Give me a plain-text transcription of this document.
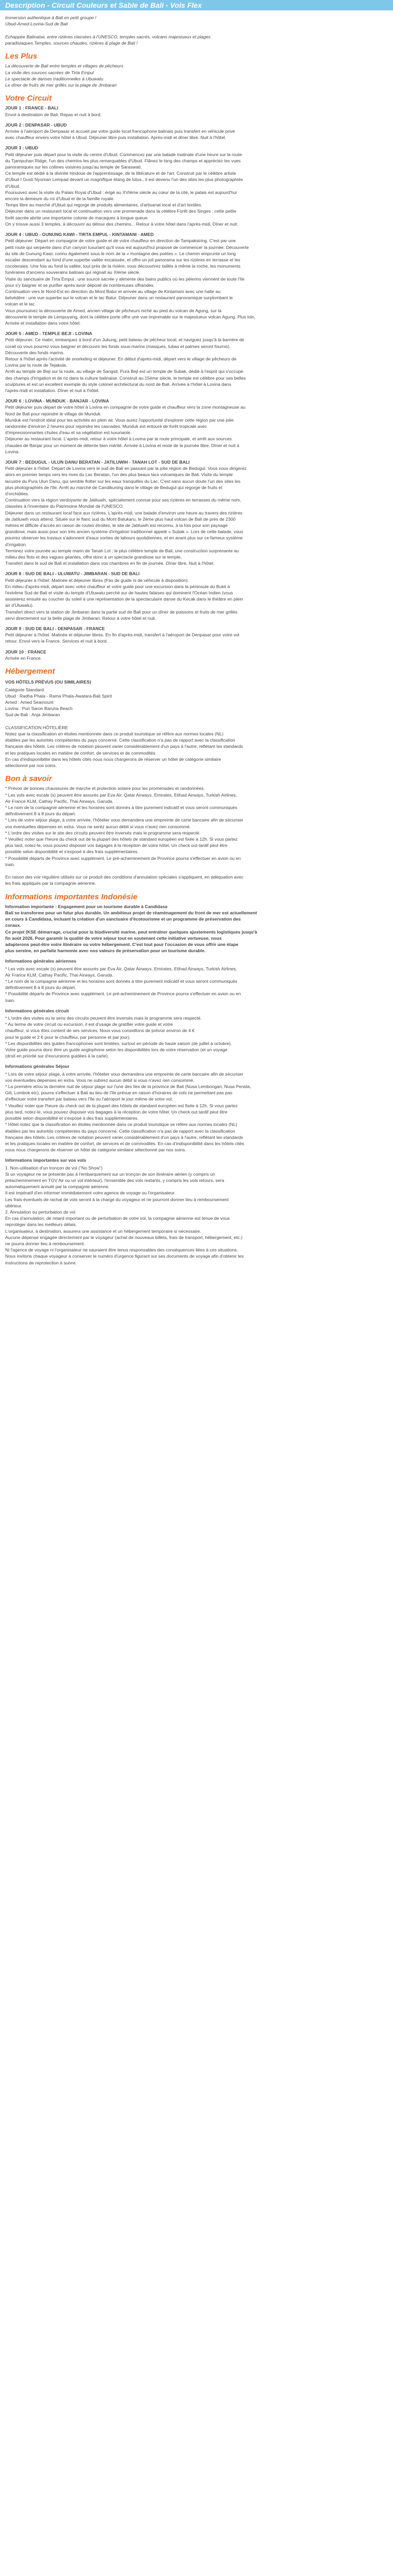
Description - Circuit Couleurs et Sable de Bali - Vols Flex
Immersion authentique à Bali en petit groupe !
Ubud-Amed-Lovina-Sud de Bali

Echappée Balinaise, entre rizières classées à l'UNESCO, temples sacrés, volcans majestueux et plages
paradisiaques.Temples, sources chaudes, rizières & plage de Bali !
Les Plus
La découverte de Bali entre temples et villages de pêcheurs
La visite des sources sacrées de Tirta Empul
Le spectacle de danses traditionnelles à Ubuwatu
Le dîner de fruits de mer grillés sur la plage de Jimbaran
Votre Circuit
JOUR 1 : FRANCE - BALI
Envol à destination de Bali. Repas et nuit à bord.
JOUR 2 : DENPASAR - UBUD
Arrivée à l'aéroport de Denpasar et accueil par votre guide local francophone balinais puis transfert en véhicule privé
avec chauffeur envers votre hôtel à Ubud. Déjeuner libre puis installation. Après-midi et dîner libre. Nuit à l'hôtel.
JOUR 3 : UBUD
Petit déjeuner puis départ pour la visite du centre d'Ubud. Commencez par une balade matinale d'une heure sur la route
du Tjampuhan Ridge, l'un des chemins les plus remarquables d'Ubud. Flânez le long des champs et appréciez les vues
panoramiques sur les collines voisines jusqu'au temple de Saraswati.
Ce temple est dédié à la divinité hindoue de l'apprentissage, de la littérature et de l'art. Construit par le célèbre artiste
d'Ubud I Gusti Nyoman Lempad devant un magnifique étang de lotus., il est devenu l'un des sites les plus photographiés
d'Ubud.
Poursuivez avec la visite du Palais Royal d'Ubud : érigé au XVIème siècle au cœur de la cité, le palais est aujourd'hui
encore la demeure du roi d'Ubud et de la famille royale.
Temps libre au marché d'Ubud qui regorge de produits alimentaires, d'artisanat local et d'art textiles.
Déjeuner dans un restaurant local et continuation vers une promenade dans la célèbre Forêt des Singes : cette petite
forêt sacrée abrite une importante colonie de macaques à longue queue.
On y trouve aussi 3 temples, à découvrir au détour des chemins... Retour à votre hôtel dans l'après-midi. Dîner et nuit.
JOUR 4 : UBUD - GUNUNG KAWI - TIRTA EMPUL - KINTAMANI - AMED
Petit déjeuner. Départ en compagnie de votre guide et de votre chauffeur en direction de Tampaksiring. C'est par une
petit route qui serpente dans d'un canyon luxuriant qu'il vous est aujourd'hui proposé de commencer la journée. Découverte
du site de Gunung Kawi, connu également sous le nom de la « montagne des poètes ». Le chemin emprunte un long
escalier descendant au fond d'une superbe vallée encaissée, et offre un joli panorama sur les rizières en terrasse et les
cocoteraies. Une fois au fond la vallée, tout près de la rivière, vous découvrirez taillés à même la roche, les monuments
funéraires d'anciens souverains balinais qui règnait au XIème siècle.
Visite du sanctuaire de Tirta Empul : une source sacrée y alimente des bains publics où les pèlerins viennent de toute l'île
pour s'y baigner et se purifier après avoir déposé de nombreuses offrandes.
Continuation vers le Nord-Est en direction du Mont Batur et arrivée au village de Kintamani avec une halte au
belvédère : une vue superbe sur le volcan et le lac Batur. Déjeuner dans un restaurant panoramique surplombant le
volcan et le lac.
Vous poursuivez la découverte de Amed, ancien village de pêcheurs niché au pied du volcan de Agung, sur la
découverte le temple de Lempuyang, dont la célèbre porte offre une vue imprenable sur le majestueux volcan Agung. Plus loin,
Arrivée et installation dans votre hôtel.
JOUR 5 : AMED - TEMPLE BEJI - LOVINA
Petit déjeuner. Ce matin, embarquez à bord d'un Jukung, petit bateau de pêcheur local, et naviguez jusqu'à la barrière de
corail où vous pourrez vous baigner et découvrir les fonds sous-marins (masques, tubas et palmes seront fournis).
Découverte des fonds marins.
Retour à l'hôtel après l'activité de snorkeling et déjeuner. En début d'après-midi, départ vers le village de pêcheurs de
Lovina par la route de Tejakula.
Arrêt au temple de Beji sur la route, au village de Sangsit. Pura Beji est un temple de Subak, dédié à l'esprit qui s'occupe
des champs d'irrigation et de riz dans la culture balinaise. Construit au 15ème siècle, le temple est célèbre pour ses belles
sculptures et est un excellent exemple du style colonel architectural du nord de Bali. Arrivée à l'hôtel à Lovina dans
l'après-midi et installation. Dîner et nuit à l'hôtel.
JOUR 6 : LOVINA - MUNDUK - BANJAR - LOVINA
Petit déjeuner puis départ de votre hôtel à Lovina en compagnie de votre guide et chauffeur vers la zone montagneuse au
Nord de Bali pour rejoindre le village de Munduk.
Munduk est l'endroit idéal pour les activités en plein air. Vous aurez l'opportunité d'explorer cette région par une jolie
randonnée d'environ 2 heures pour rejoindre les cascades. Munduk est entouré de forêt tropicale avec
d'impressionnantes chutes d'eau et sa végétation est luxuriante.
Déjeuner au restaurant local. L'après-midi, retour à votre hôtel à Lovina par la route principale, et arrêt aux sources
chaudes de Banjar pour un moment de détente bien mérité. Arrivée à Lovina et reste de la journée libre. Dîner et nuit à
Lovina.
JOUR 7 : BEDUGUL - ULUN DANU BERATAN - JATILUWIH - TANAH LOT - SUD DE BALI
Petit déjeuner à l'hôtel. Départ de Lovina vers le sud de Bali en passant par la jolie région de Bedugul. Vous vous dirigerez
alors en premier temps vers les rives du Lac Beratan, l'un des plus beaux lacs volcaniques de Bali. Visite du temple
lacustre du Pura Ulun Danu, qui semble flotter sur les eaux tranquilles du Lac. C'est sans aucun doute l'un des sites les
plus photographiés de l'île. Arrêt au marché de Candikuning dans le village de Bedugul qui regorge de fruits et
d'orchidées.
Continuation vers la région verdoyante de Jatiluwih, spécialement connue pour ses rizières en terrasses du même nom,
classées à l'inventaire du Patrimoine Mondial de l'UNESCO.
Déjeuner dans un restaurant local face aux rizières. L'après-midi, une balade d'environ une heure au travers des rizières
de Jatiluwih vous attend. Située sur le flanc sud du Mont Batukaru, le 2ème plus haut volcan de Bali de près de 2300
mètres et difficile d'accès en raison de routes étroites, le site de Jatiluwih est reconnu, à la fois pour son paysage
grandiose, mais aussi pour son très ancien système d'irrigation traditionnel appelé « Subak ». Lors de cette balade, vous
pourrez observer les travaux s'adonnent d'eaux sorties de labours quotidiennes, et en avant plus sur ce fameux système
d'irrigation.
Terminez votre journée au temple marin de Tanah Lot : le plus célèbre temple de Bali, une construction surprenante au
milieu des flots et des vagues géantes, offre donc à un spectacle grandiose sur le temple.
Transfert dans le sud de Bali et installation dans vos chambres en fin de journée. Dîner libre. Nuit à l'hôtel.
JOUR 8 : SUD DE BALI - ULUWATU - JIMBARAN - SUD DE BALI
Petit déjeuner à l'hôtel. Matinée et déjeuner libres (Pas de guide ni de véhicule à disposition).
En milieu d'après-midi, départ avec votre chauffeur et votre guide pour une excursion dans la péninsule du Bukit à
l'extrême Sud de Bali et visite du temple d'Uluwatu perché sur de hautes falaises qui dominent l'Océan Indien (vous
assisterez ensuite au coucher du soleil à une représentation de la spectaculaire danse du Kecak dans le théâtre en plein
air d'Uluwatu).
Transfert direct vers la station de Jimbaran dans la partie sud de Bali pour un dîner de poissons et fruits de mer grillés
servi directement sur la belle plage de Jimbaran. Retour à votre hôtel et nuit.
JOUR 9 : SUD DE BALI - DENPASAR - FRANCE
Petit déjeuner à l'hôtel. Matinée et déjeuner libres. En fin d'après-midi, transfert à l'aéroport de Denpasar pour votre vol
retour. Envol vers la France. Services et nuit à bord.
JOUR 10 : FRANCE
Arrivée en France.
Hébergement
VOS HÔTELS PRÉVUS (OU SIMILAIRES)
Catégorie Standard
Ubud : Radha Phala - Rama Phala-Awatara-Bali Spirit
Amed : Amed Seamount
Lovina : Puri Saron Baruna Beach
Sud de Bali : Anja Jimbaran

CLASSIFICATION HÔTELIÈRE
Notez que la classification en étoiles mentionnée dans ce produit touristique se réfère aux normes locales (NL)
établies par les autorités compétentes du pays concerné. Cette classification n'a pas de rapport avec la classification
française des hôtels. Les critères de notation peuvent varier considérablement d'un pays à l'autre, reflétant les standards
et les pratiques locales en matière de confort, de services et de commodités.
En cas d'indisponibilité dans les hôtels cités nous nous chargerons de réserver un hôtel de catégorie similaire
sélectionné par nos soins.
Bon à savoir
* Prévoir de bonnes chaussures de marche et protection solaire pour les promenades et randonnées.
* Les vols avec escale (s) peuvent être assurés par Eva Air, Qatar Airways, Emirates, Etihad Airways, Turkish Airlines,
Air France KLM, Cathay Pacific, Thai Airways, Garuda.
* Le nom de la compagnie aérienne et les horaires sont donnés à titre purement indicatif et vous seront communiqués
définitivement 8 à 8 jours du départ.
* Lors de votre séjour plage, à votre arrivée, l'hôtelier vous demandera une empreinte de carte bancaire afin de sécuriser
vos éventuelles dépenses en extra. Vous ne seréz aucun débit si vous n'avez rien consommé.
* L'ordre des visites sur le site des circuits peuvent être inversés mais le programme sera respecté.
* Veuillez noter que l'heure du check out de la plupart des hôtels de standard européen est fixée à 12h. Si vous partez
plus tard, notez-le, vous pouvez disposer vos bagages à la réception de votre hôtel. Un check out tardif peut être
possible selon disponibilité et s'exposé à des frais supplémentaires.
* Possibilité départs de Province avec supplément. Le pré-acheminement de Province pourra s'effectuer en avion ou en
train.

En raison des voir régulière utilisés sur ce produit des conditions d'annulation spéciales s'appliquent, en adéquation avec
les frais appliqués par la compagnie aérienne.
Informations importantes Indonésie
Information importante : Engagement pour un tourisme durable à Candidasa
Bali se transforme pour un futur plus durable. Un ambitieux projet de réaménagement du front de mer est actuellement
en cours à Candidasa, incluant la création d'un sanctuaire d'écotourisme et un programme de préservation des
coraux.
Ce projet (KSE démarrage, crucial pour la biodiversité marine, peut entraîner quelques ajustements logistiques jusqu'à
fin août 2026. Pour garantir la qualité de votre séjour tout en soutenant cette initiative vertueuse, nous
adapterons peut-être votre itinéraire ou votre hébergement. C'est tout pour l'occasion de vous offrir une étape
plus sereine, en parfaite harmonie avec nos valeurs de préservation pour un tourisme durable.
Informations générales aériennes
* Les vols avec escale (s) peuvent être assurés par Eva Air, Qatar Airways, Emirates, Etihad Airways, Turkish Airlines,
Air France KLM, Cathay Pacific, Thai Airways, Garuda.
* Le nom de la compagnie aérienne et les horaires sont donnés à titre purement indicatif et vous seront communiqués
définitivement 8 à 8 jours du départ.
* Possibilité départs de Province avec supplément. Le pré-acheminement de Province pourra s'effectuer en avion ou en
train.
Informations générales circuit
* L'ordre des visites ou le sens des circuits peuvent être inversés mais le programme sera respecté.
* Au terme de votre circuit ou excursion, il est d'usage de gratifier votre guide et votre
chauffeur, si vous êtes content de ses services. Nous vous conseillons de prévoir environ de 4 €
pour le guide et 2 € pour le chauffeur, par personne et par jour).
* Les disponibilités des guides francophones sont limitées, surtout en période de haute saison (de juillet à octobre).
Votre guide pourra donc être un guide anglophone selon les disponibilités lors de votre réservation (et un voyage
(droit en priorité sur d'excursions guidées à la carte).
Informations générales Séjour
* Lors de votre séjour plage, à votre arrivée, l'hôtelier vous demandera une empreinte de carte bancaire afin de sécuriser
vos éventuelles dépenses en extra. Vous ne subirez aucun débit si vous n'avez rien consommé.
* La première et/ou la dernière nuit de séjour plage sur l'une des îles de la province de Bali (Nusa Lembongan, Nusa Penida,
Gili, Lombok etc), pourra s'effectuer à Bali au lieu de l'île prévue en raison d'horaires de vols ne permettant pas pas
d'effectuer votre transfert par bateau vers l'île ou l'aéroport le jour même de votre vol.
* Veuillez noter que l'heure du check out de la plupart des hôtels de standard européen est fixée à 12h. Si vous partez
plus tard, notez-le, vous pouvez disposer vos bagages à la réception de votre hôtel. Un check out tardif peut être
possible selon disponibilité et s'exposé à des frais supplémentaires.
* Hôtel notez que la classification en étoiles mentionnée dans ce produit touristique se réfère aux normes locales (NL)
établies par les autorités compétentes du pays concerné. Cette classification n'a pas de rapport avec la classification
française des hôtels. Les critères de notation peuvent varier considérablement d'un pays à l'autre, reflétant les standards
et les pratiques locales en matière de confort, de services et de commodités. En cas d'indisponibilité dans les hôtels cités
nous nous chargerons de réserver un hôtel de catégorie similaire sélectionné par nos soins.
Informations importantes sur vos vols
1. Non-utilisation d'un tronçon de vol ("No Show")
Si un voyageur ne se présente pas à l'embarquement sur un tronçon de son itinéraire aérien (y compris un
préacheminement en TGV Air ou un vol intérieur), l'ensemble des vols restants, y compris les vols retours, sera
automatiquement annulé par la compagnie aérienne.
Il est impératif d'en informer immédiatement votre agence de voyage ou l'organisateur.
Les frais éventuels de rachat de vols seront à la charge du voyageur et ne pourront donner lieu à remboursement
ultérieur.
2. Annulation ou perturbation de vol
En cas d'annulation, de retard important ou de perturbation de votre vol, la compagnie aérienne est tenue de vous
reprotéger dans les meilleurs délais.
L'organisateur, à destination, assurera une assistance et un hébergement temporaire si nécessaire.
Aucune dépense engagée directement par le voyageur (achat de nouveaux billets, frais de transport, hébergement, etc.)
ne pourra donner lieu à remboursement.
Ni l'agence de voyage ni l'organisateur ne sauraient être tenus responsables des conséquences liées à ces situations.
Nous invitons chaque voyageur à conserver le numéro d'urgence figurant sur ses documents de voyage afin d'obtenir les
instructions de reprotection à suivre.
